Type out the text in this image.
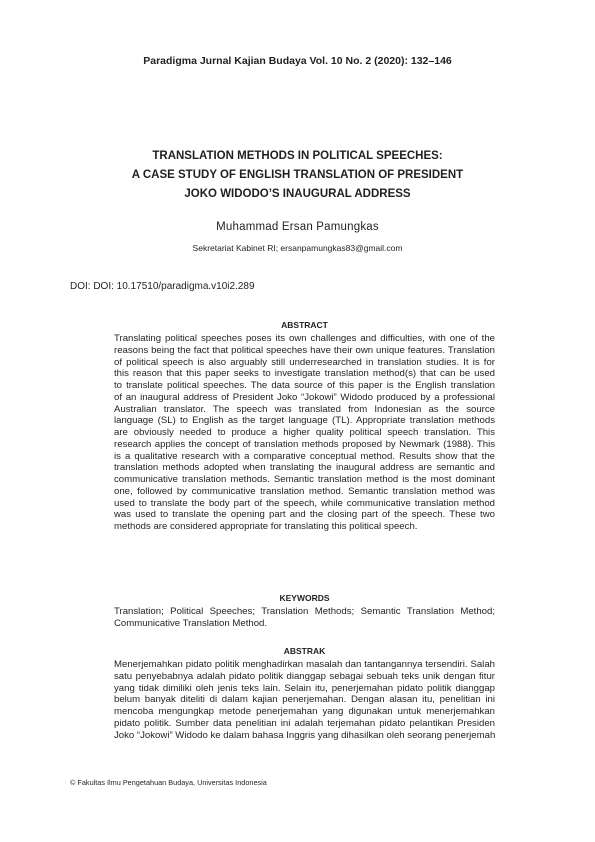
Paradigma Jurnal Kajian Budaya Vol. 10 No. 2 (2020): 132–146
TRANSLATION METHODS IN POLITICAL SPEECHES:
A CASE STUDY OF ENGLISH TRANSLATION OF PRESIDENT
JOKO WIDODO’S INAUGURAL ADDRESS
Muhammad Ersan Pamungkas
Sekretariat Kabinet RI; ersanpamungkas83@gmail.com
DOI: DOI: 10.17510/paradigma.v10i2.289
ABSTRACT
Translating political speeches poses its own challenges and difficulties, with one of the
reasons being the fact that political speeches have their own unique features. Translation
of political speech is also arguably still underresearched in translation studies. It is for
this reason that this paper seeks to investigate translation method(s) that can be used
to translate political speeches. The data source of this paper is the English translation
of an inaugural address of President Joko “Jokowi” Widodo produced by a professional
Australian translator. The speech was translated from Indonesian as the source
language (SL) to English as the target language (TL). Appropriate translation methods
are obviously needed to produce a higher quality political speech translation. This
research applies the concept of translation methods proposed by Newmark (1988). This
is a qualitative research with a comparative conceptual method. Results show that the
translation methods adopted when translating the inaugural address are semantic and
communicative translation methods. Semantic translation method is the most dominant
one, followed by communicative translation method. Semantic translation method was
used to translate the body part of the speech, while communicative translation method
was used to translate the opening part and the closing part of the speech. These two
methods are considered appropriate for translating this political speech.
KEYWORDS
Translation; Political Speeches; Translation Methods; Semantic Translation Method;
Communicative Translation Method.
ABSTRAK
Menerjemahkan pidato politik menghadirkan masalah dan tantangannya tersendiri. Salah
satu penyebabnya adalah pidato politik dianggap sebagai sebuah teks unik dengan fitur
yang tidak dimiliki oleh jenis teks lain. Selain itu, penerjemahan pidato politik dianggap
belum banyak diteliti di dalam kajian penerjemahan. Dengan alasan itu, penelitian ini
mencoba mengungkap metode penerjemahan yang digunakan untuk menerjemahkan
pidato politik. Sumber data penelitian ini adalah terjemahan pidato pelantikan Presiden
Joko “Jokowi” Widodo ke dalam bahasa Inggris yang dihasilkan oleh seorang penerjemah
© Fakultas Ilmu Pengetahuan Budaya, Universitas Indonesia
